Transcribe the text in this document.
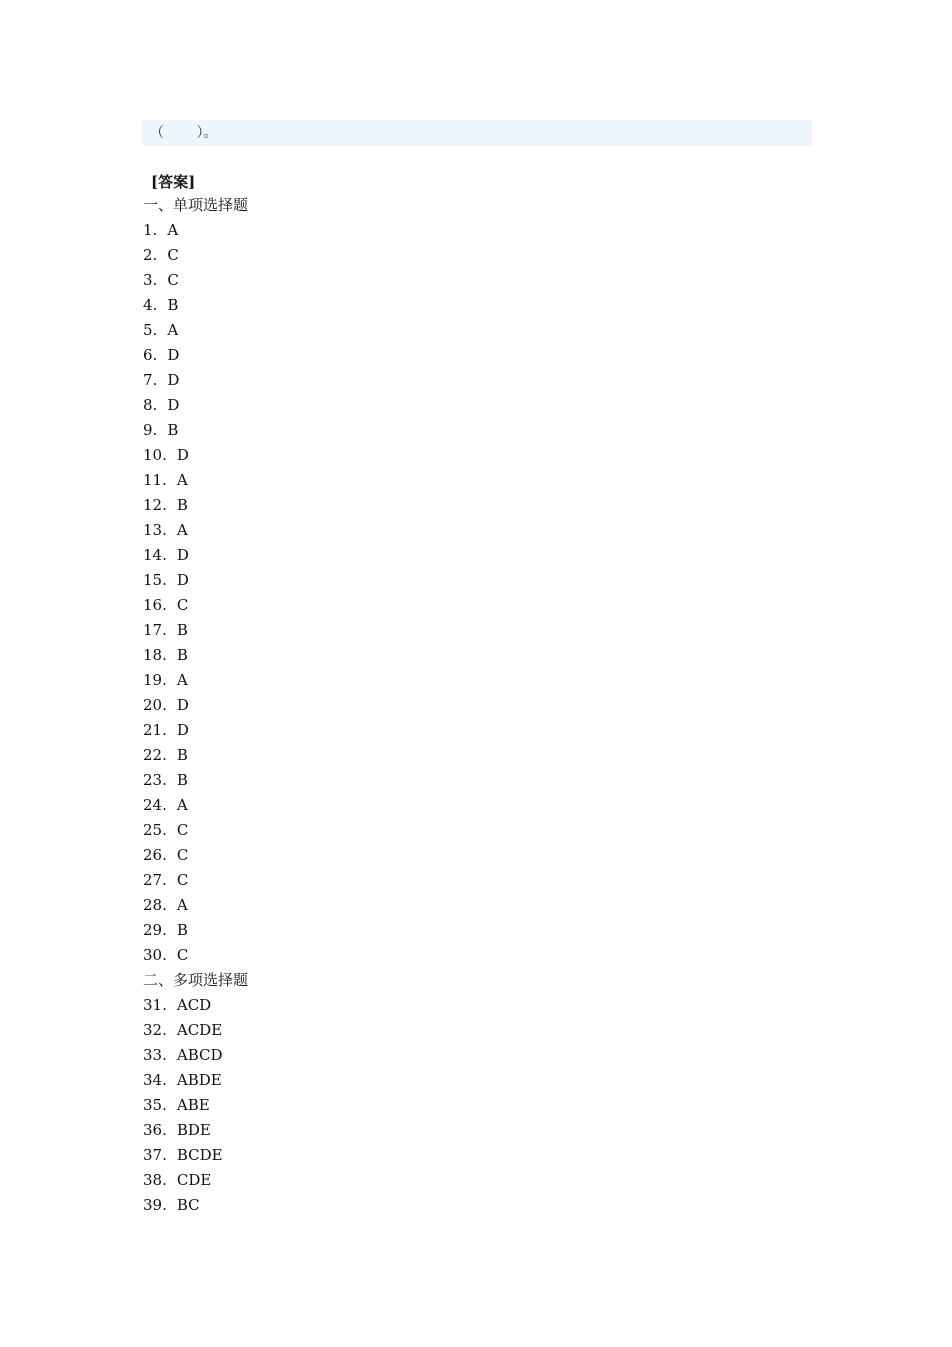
（　　 ）。
[答案]
一、单项选择题
1. A
2. C
3. C
4. B
5. A
6. D
7. D
8. D
9. B
10. D
11. A
12. B
13. A
14. D
15. D
16. C
17. B
18. B
19. A
20. D
21. D
22. B
23. B
24. A
25. C
26. C
27. C
28. A
29. B
30. C
二、多项选择题
31. ACD
32. ACDE
33. ABCD
34. ABDE
35. ABE
36. BDE
37. BCDE
38. CDE
39. BC
